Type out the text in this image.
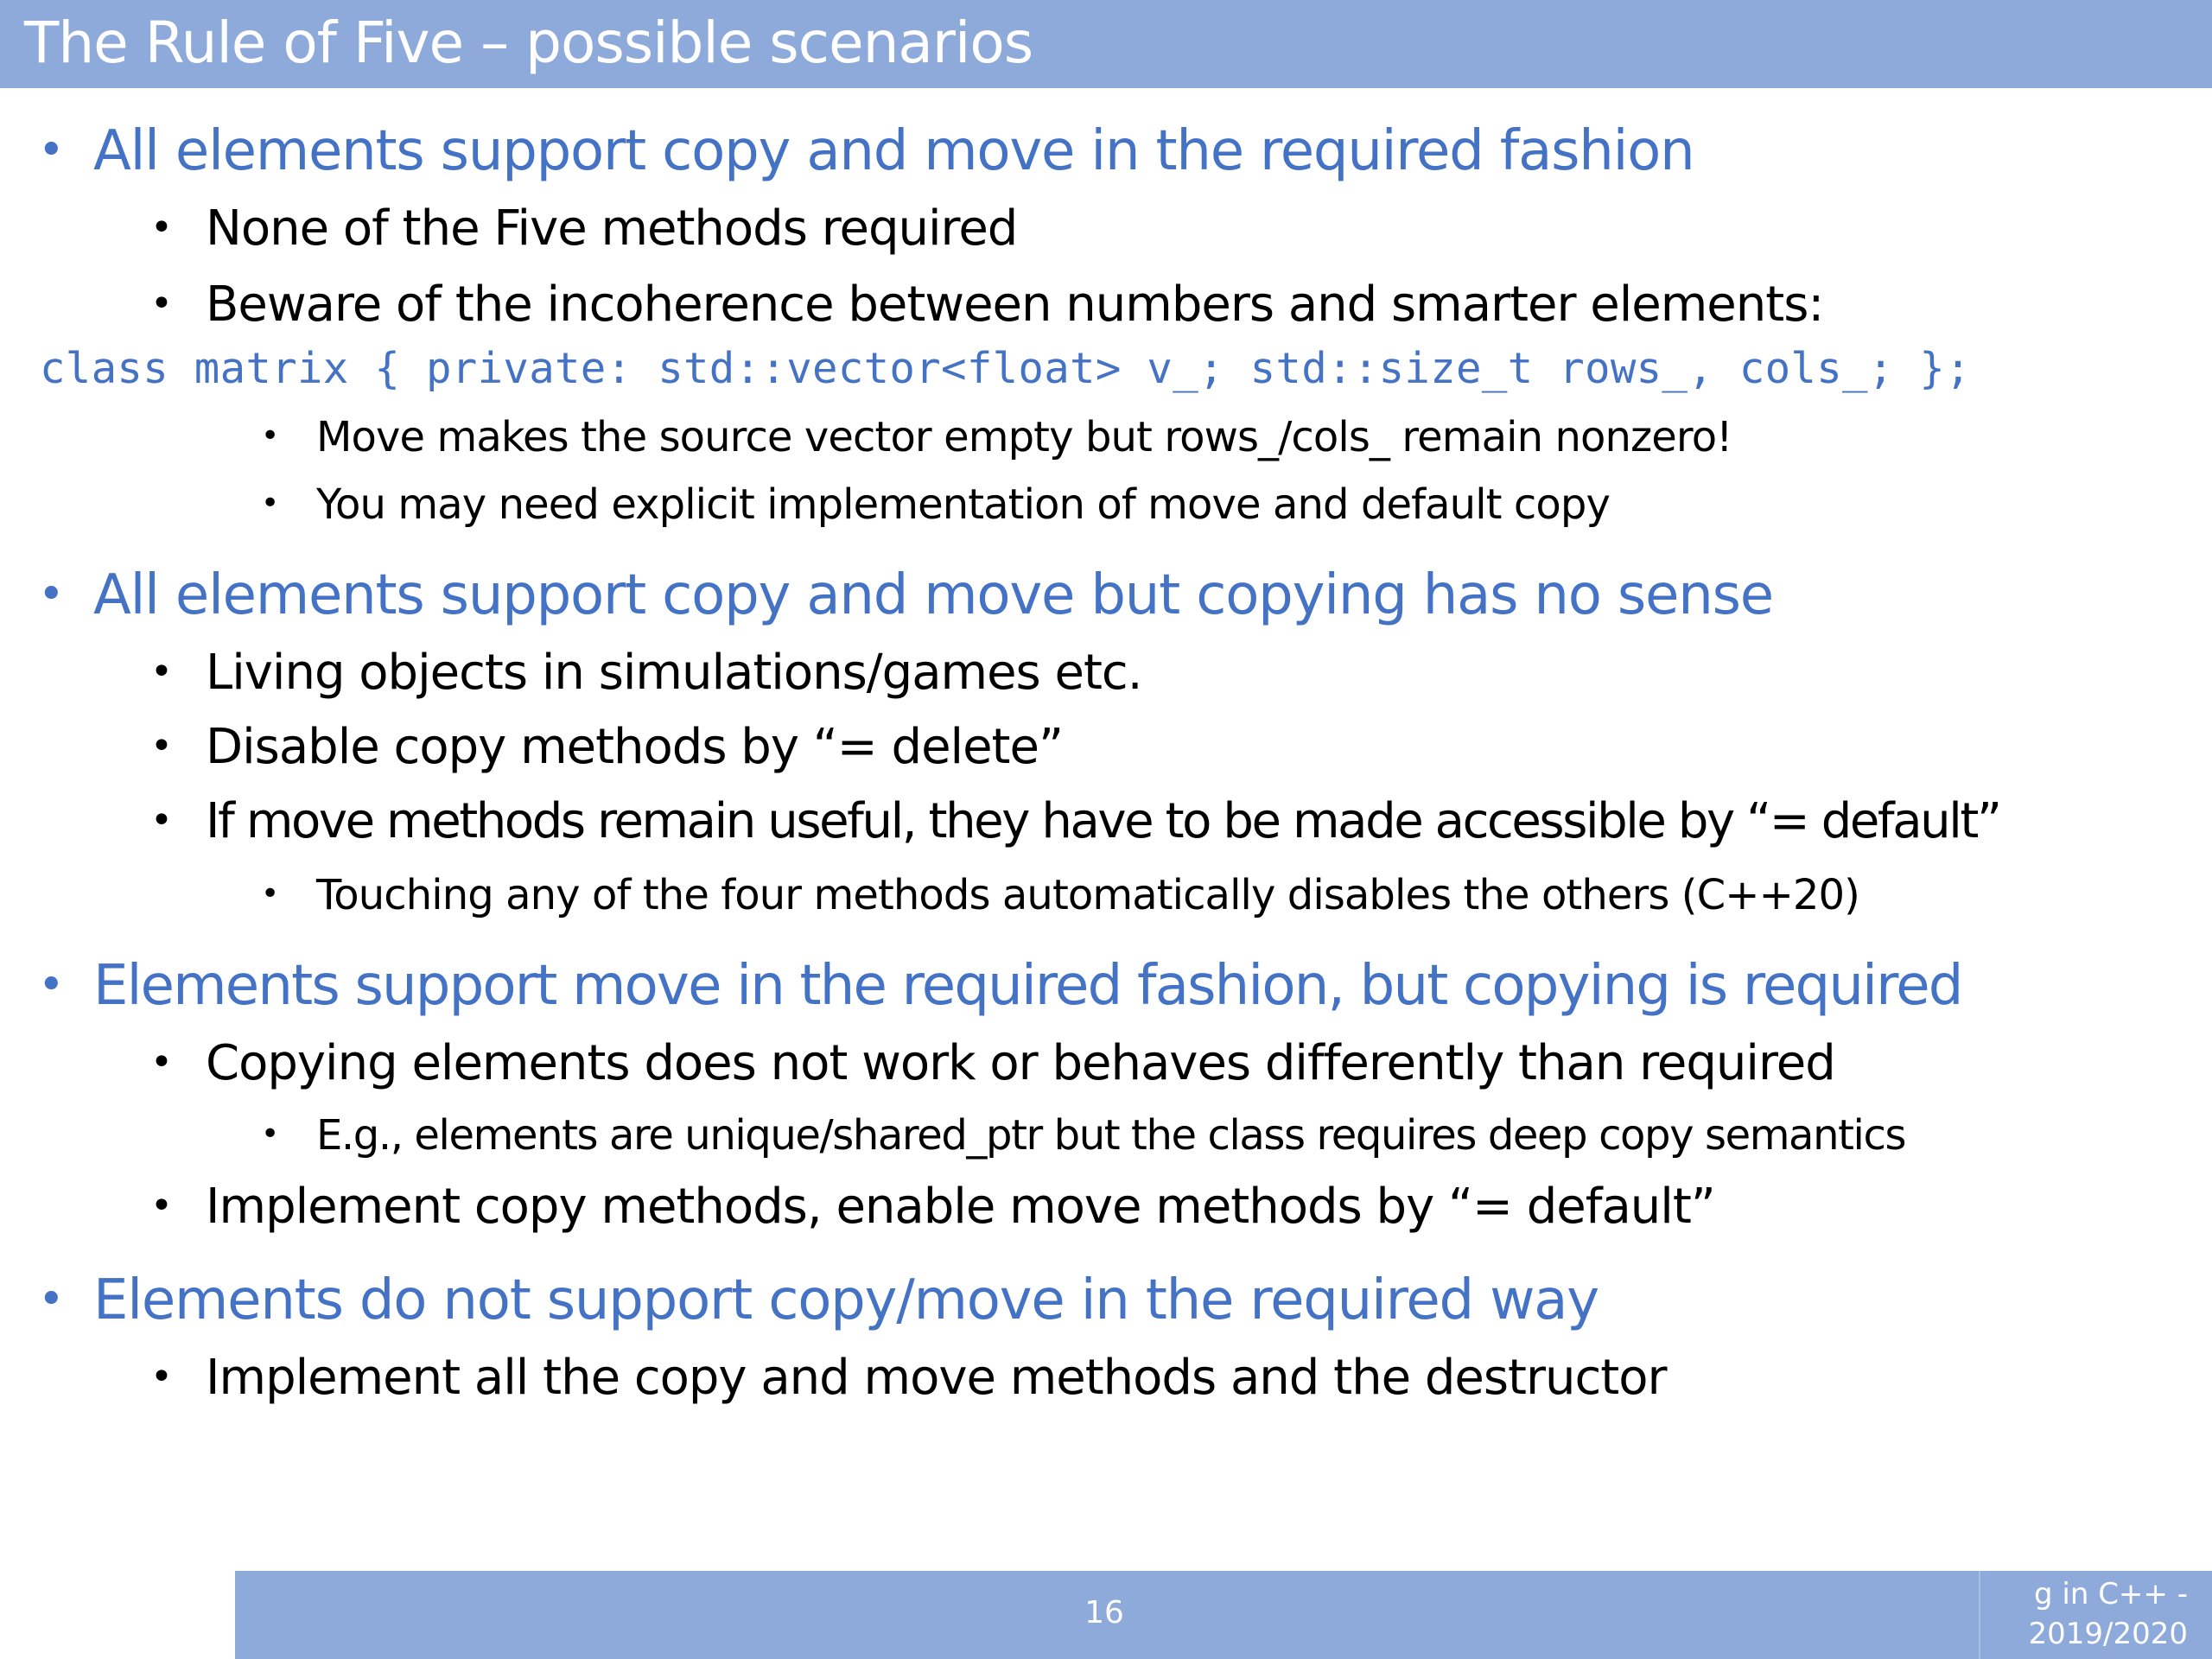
The Rule of Five – possible scenarios
• All elements support copy and move in the required fashion
• None of the Five methods required
• Beware of the incoherence between numbers and smarter elements:
class matrix { private: std::vector<float> v_; std::size_t rows_, cols_; };
• Move makes the source vector empty but rows_/cols_ remain nonzero!
• You may need explicit implementation of move and default copy
• All elements support copy and move but copying has no sense
• Living objects in simulations/games etc.
• Disable copy methods by “= delete”
• If move methods remain useful, they have to be made accessible by “= default”
• Touching any of the four methods automatically disables the others (C++20)
• Elements support move in the required fashion, but copying is required
• Copying elements does not work or behaves differently than required
• E.g., elements are unique/shared_ptr but the class requires deep copy semantics
• Implement copy methods, enable move methods by “= default”
• Elements do not support copy/move in the required way
• Implement all the copy and move methods and the destructor
16
g in C++ -
2019/2020
